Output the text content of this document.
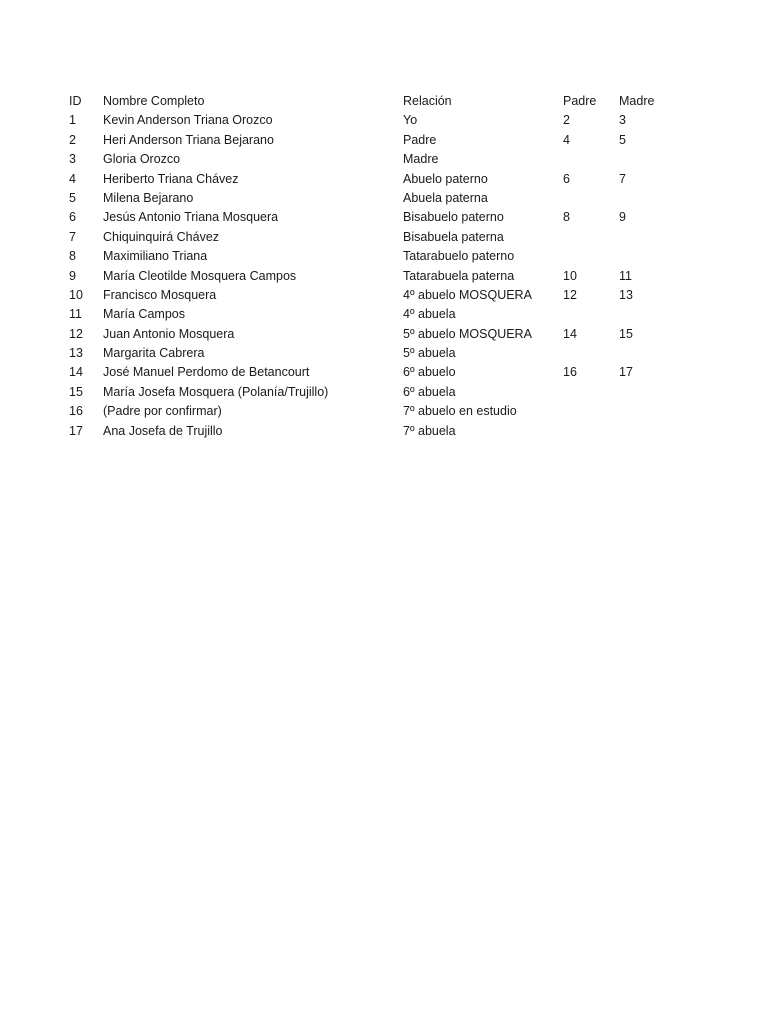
ID Nombre Completo	Relación	Padre Madre
1 Kevin Anderson Triana Orozco	Yo	2	3
2 Heri Anderson Triana Bejarano	Padre	4	5
3 Gloria Orozco	Madre
4 Heriberto Triana Chávez	Abuelo paterno	6	7
5 Milena Bejarano	Abuela paterna
6 Jesús Antonio Triana Mosquera	Bisabuelo paterno	8	9
7 Chiquinquirá Chávez	Bisabuela paterna
8 Maximiliano Triana	Tatarabuelo paterno
9 María Cleotilde Mosquera Campos	Tatarabuela paterna	10	11
10 Francisco Mosquera	4º abuelo MOSQUERA 12	13
11 María Campos	4º abuela
12 Juan Antonio Mosquera	5º abuelo MOSQUERA 14	15
13 Margarita Cabrera	5º abuela
14 José Manuel Perdomo de Betancourt	6º abuelo	16	17
15 María Josefa Mosquera (Polanía/Trujillo)	6º abuela
16 (Padre por confirmar)	7º abuelo en estudio
17 Ana Josefa de Trujillo	7º abuela
